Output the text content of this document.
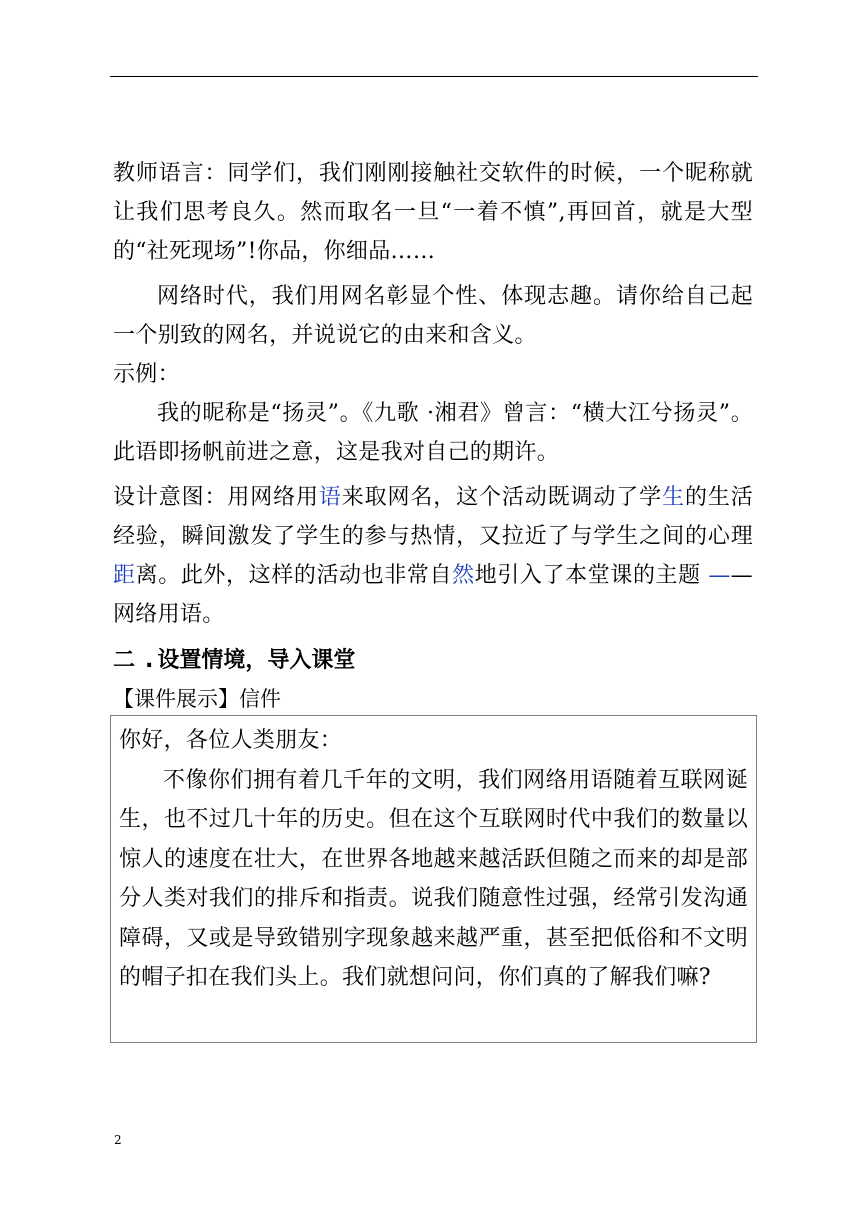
教师语言：同学们，我们刚刚接触社交软件的时候，一个昵称就让我们思考良久。然而取名一旦“一着不慎”,再回首，就是大型的“社死现场”!你品，你细品……

网络时代，我们用网名彰显个性、体现志趣。请你给自己起一个别致的网名，并说说它的由来和含义。

示例：

我的昵称是“扬灵”。《九歌 ·湘君》曾言：“横大江兮扬灵”。此语即扬帆前进之意，这是我对自己的期许。

设计意图：用网络用语来取网名，这个活动既调动了学生的生活经验，瞬间激发了学生的参与热情，又拉近了与学生之间的心理距离。此外，这样的活动也非常自然地引入了本堂课的主题 ——网络用语。

二 . 设置情境，导入课堂
【课件展示】信件

你好，各位人类朋友：

不像你们拥有着几千年的文明，我们网络用语随着互联网诞生，也不过几十年的历史。但在这个互联网时代中我们的数量以惊人的速度在壮大，在世界各地越来越活跃但随之而来的却是部分人类对我们的排斥和指责。说我们随意性过强，经常引发沟通障碍，又或是导致错别字现象越来越严重，甚至把低俗和不文明的帽子扣在我们头上。我们就想问问，你们真的了解我们嘛?

2
